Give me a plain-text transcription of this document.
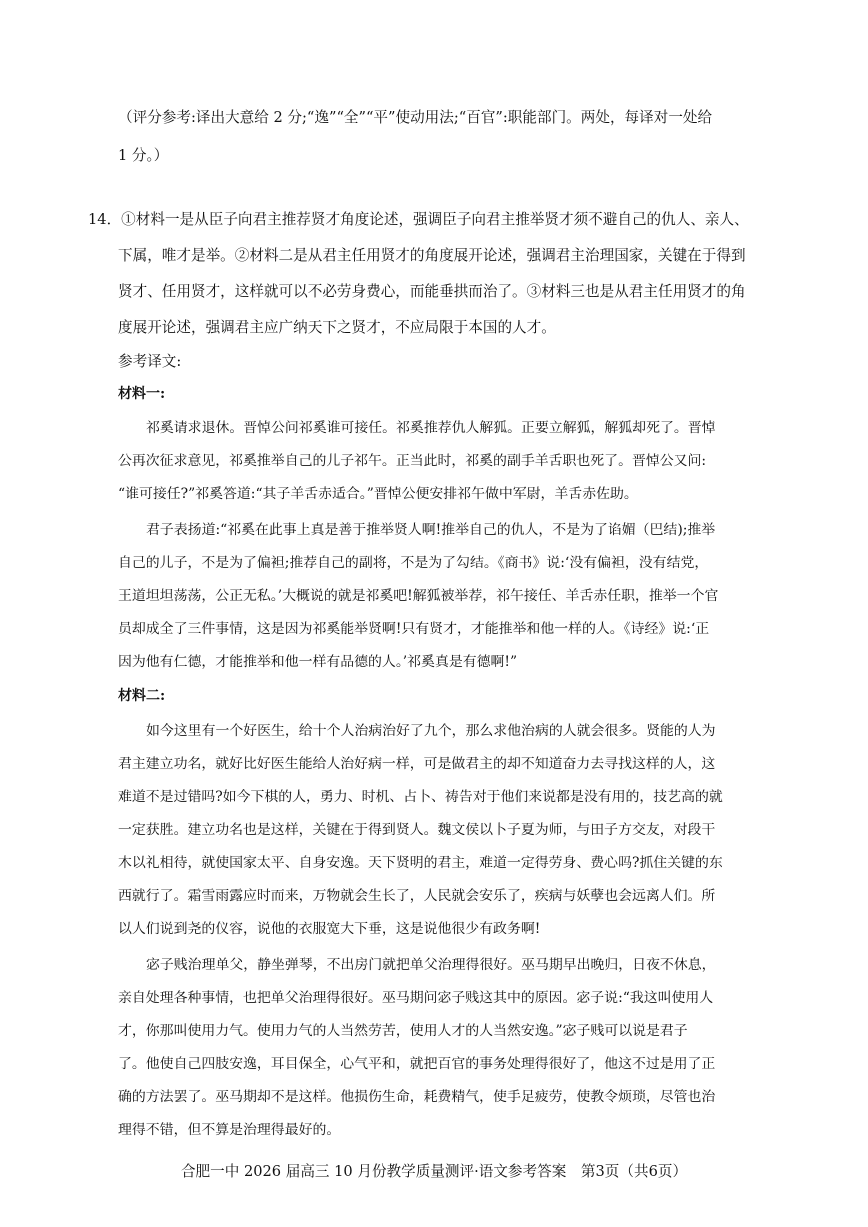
（评分参考:译出大意给 2 分;“逸”“全”“平”使动用法;“百官”:职能部门。两处，每译对一处给
1 分。）
14．①材料一是从臣子向君主推荐贤才角度论述，强调臣子向君主推举贤才须不避自己的仇人、亲人、
下属，唯才是举。②材料二是从君主任用贤才的角度展开论述，强调君主治理国家，关键在于得到
贤才、任用贤才，这样就可以不必劳身费心，而能垂拱而治了。③材料三也是从君主任用贤才的角
度展开论述，强调君主应广纳天下之贤才，不应局限于本国的人才。
参考译文:
材料一:
祁奚请求退休。晋悼公问祁奚谁可接任。祁奚推荐仇人解狐。正要立解狐，解狐却死了。晋悼
公再次征求意见，祁奚推举自己的儿子祁午。正当此时，祁奚的副手羊舌职也死了。晋悼公又问:
“谁可接任?”祁奚答道:“其子羊舌赤适合。”晋悼公便安排祁午做中军尉，羊舌赤佐助。
君子表扬道:“祁奚在此事上真是善于推举贤人啊!推举自己的仇人，不是为了谄媚（巴结);推举
自己的儿子，不是为了偏袒;推荐自己的副将，不是为了勾结。《商书》说:‘没有偏袒，没有结党，
王道坦坦荡荡，公正无私。’大概说的就是祁奚吧!解狐被举荐，祁午接任、羊舌赤任职，推举一个官
员却成全了三件事情，这是因为祁奚能举贤啊!只有贤才，才能推举和他一样的人。《诗经》说:‘正
因为他有仁德，才能推举和他一样有品德的人。’祁奚真是有德啊!”
材料二:
如今这里有一个好医生，给十个人治病治好了九个，那么求他治病的人就会很多。贤能的人为
君主建立功名，就好比好医生能给人治好病一样，可是做君主的却不知道奋力去寻找这样的人，这
难道不是过错吗?如今下棋的人，勇力、时机、占卜、祷告对于他们来说都是没有用的，技艺高的就
一定获胜。建立功名也是这样，关键在于得到贤人。魏文侯以卜子夏为师，与田子方交友，对段干
木以礼相待，就使国家太平、自身安逸。天下贤明的君主，难道一定得劳身、费心吗?抓住关键的东
西就行了。霜雪雨露应时而来，万物就会生长了，人民就会安乐了，疾病与妖孽也会远离人们。所
以人们说到尧的仪容，说他的衣服宽大下垂，这是说他很少有政务啊!
宓子贱治理单父，静坐弹琴，不出房门就把单父治理得很好。巫马期早出晚归，日夜不休息，
亲自处理各种事情，也把单父治理得很好。巫马期问宓子贱这其中的原因。宓子说:“我这叫使用人
才，你那叫使用力气。使用力气的人当然劳苦，使用人才的人当然安逸。”宓子贱可以说是君子
了。他使自己四肢安逸，耳目保全，心气平和，就把百官的事务处理得很好了，他这不过是用了正
确的方法罢了。巫马期却不是这样。他损伤生命，耗费精气，使手足疲劳，使教令烦琐，尽管也治
理得不错，但不算是治理得最好的。
合肥一中 2026 届高三 10 月份教学质量测评·语文参考答案　第3页（共6页）
